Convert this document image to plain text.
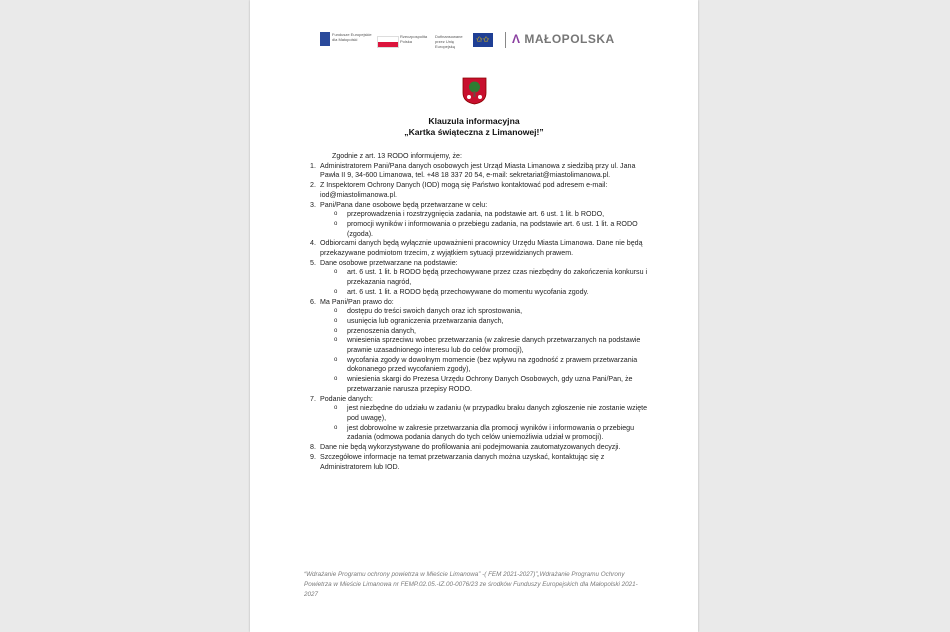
Fundusze Europejskie dla Małopolski
Rzeczpospolita Polska
Dofinansowane przez Unię Europejską
✩✩ Λ MAŁOPOLSKA
Klauzula informacyjna
„Kartka świąteczna z Limanowej!”
Zgodnie z art. 13 RODO informujemy, że:
1. Administratorem Pani/Pana danych osobowych jest Urząd Miasta Limanowa z siedzibą przy ul. Jana Pawła II 9, 34-600 Limanowa, tel. +48 18 337 20 54, e-mail: sekretariat@miastolimanowa.pl.
2. Z Inspektorem Ochrony Danych (IOD) mogą się Państwo kontaktować pod adresem e-mail: iod@miastolimanowa.pl.
3. Pani/Pana dane osobowe będą przetwarzane w celu:
o przeprowadzenia i rozstrzygnięcia zadania, na podstawie art. 6 ust. 1 lit. b RODO,
o promocji wyników i informowania o przebiegu zadania, na podstawie art. 6 ust. 1 lit. a RODO (zgoda).
4. Odbiorcami danych będą wyłącznie upoważnieni pracownicy Urzędu Miasta Limanowa. Dane nie będą przekazywane podmiotom trzecim, z wyjątkiem sytuacji przewidzianych prawem.
5. Dane osobowe przetwarzane na podstawie:
o art. 6 ust. 1 lit. b RODO będą przechowywane przez czas niezbędny do zakończenia konkursu i przekazania nagród,
o art. 6 ust. 1 lit. a RODO będą przechowywane do momentu wycofania zgody.
6. Ma Pani/Pan prawo do:
o dostępu do treści swoich danych oraz ich sprostowania,
o usunięcia lub ograniczenia przetwarzania danych,
o przenoszenia danych,
o wniesienia sprzeciwu wobec przetwarzania (w zakresie danych przetwarzanych na podstawie prawnie uzasadnionego interesu lub do celów promocji),
o wycofania zgody w dowolnym momencie (bez wpływu na zgodność z prawem przetwarzania dokonanego przed wycofaniem zgody),
o wniesienia skargi do Prezesa Urzędu Ochrony Danych Osobowych, gdy uzna Pani/Pan, że przetwarzanie narusza przepisy RODO.
7. Podanie danych:
o jest niezbędne do udziału w zadaniu (w przypadku braku danych zgłoszenie nie zostanie wzięte pod uwagę),
o jest dobrowolne w zakresie przetwarzania dla promocji wyników i informowania o przebiegu zadania (odmowa podania danych do tych celów uniemożliwia udział w promocji).
8. Dane nie będą wykorzystywane do profilowania ani podejmowania zautomatyzowanych decyzji.
9. Szczegółowe informacje na temat przetwarzania danych można uzyskać, kontaktując się z Administratorem lub IOD.
“Wdrażanie Programu ochrony powietrza w Mieście Limanowa” -( FEM 2021-2027)”„Wdrażanie Programu Ochrony Powietrza w Mieście Limanowa nr FEMP.02.05.-IZ.00-0076/23 ze środków Funduszy Europejskich dla Małopolski 2021-2027
